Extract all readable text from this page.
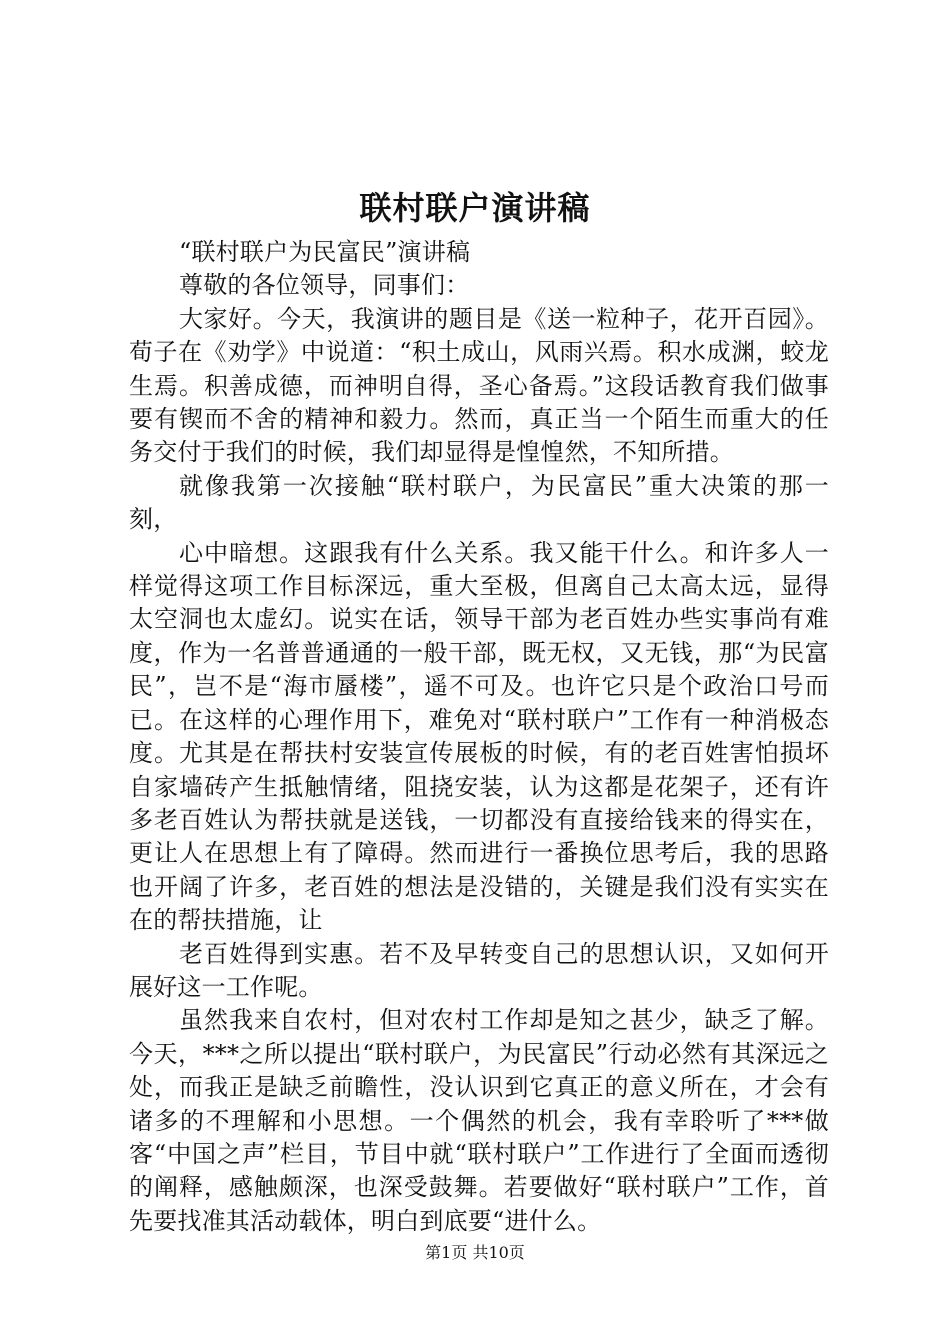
联村联户演讲稿

“联村联户为民富民”演讲稿

尊敬的各位领导，同事们：

大家好。今天，我演讲的题目是《送一粒种子，花开百园》。荀子在《劝学》中说道：“积土成山，风雨兴焉。积水成渊，蛟龙生焉。积善成德，而神明自得，圣心备焉。”这段话教育我们做事要有锲而不舍的精神和毅力。然而，真正当一个陌生而重大的任务交付于我们的时候，我们却显得是惶惶然，不知所措。

就像我第一次接触“联村联户，为民富民”重大决策的那一刻，

心中暗想。这跟我有什么关系。我又能干什么。和许多人一样觉得这项工作目标深远，重大至极，但离自己太高太远，显得太空洞也太虚幻。说实在话，领导干部为老百姓办些实事尚有难度，作为一名普普通通的一般干部，既无权，又无钱，那“为民富民”，岂不是“海市蜃楼”，遥不可及。也许它只是个政治口号而已。在这样的心理作用下，难免对“联村联户”工作有一种消极态度。尤其是在帮扶村安装宣传展板的时候，有的老百姓害怕损坏自家墙砖产生抵触情绪，阻挠安装，认为这都是花架子，还有许多老百姓认为帮扶就是送钱，一切都没有直接给钱来的得实在，更让人在思想上有了障碍。然而进行一番换位思考后，我的思路也开阔了许多，老百姓的想法是没错的，关键是我们没有实实在在的帮扶措施，让

老百姓得到实惠。若不及早转变自己的思想认识，又如何开展好这一工作呢。

虽然我来自农村，但对农村工作却是知之甚少，缺乏了解。今天，***之所以提出“联村联户，为民富民”行动必然有其深远之处，而我正是缺乏前瞻性，没认识到它真正的意义所在，才会有诸多的不理解和小思想。一个偶然的机会，我有幸聆听了***做客“中国之声”栏目，节目中就“联村联户”工作进行了全面而透彻的阐释，感触颇深，也深受鼓舞。若要做好“联村联户”工作，首先要找准其活动载体，明白到底要“进什么。

第1页 共10页
